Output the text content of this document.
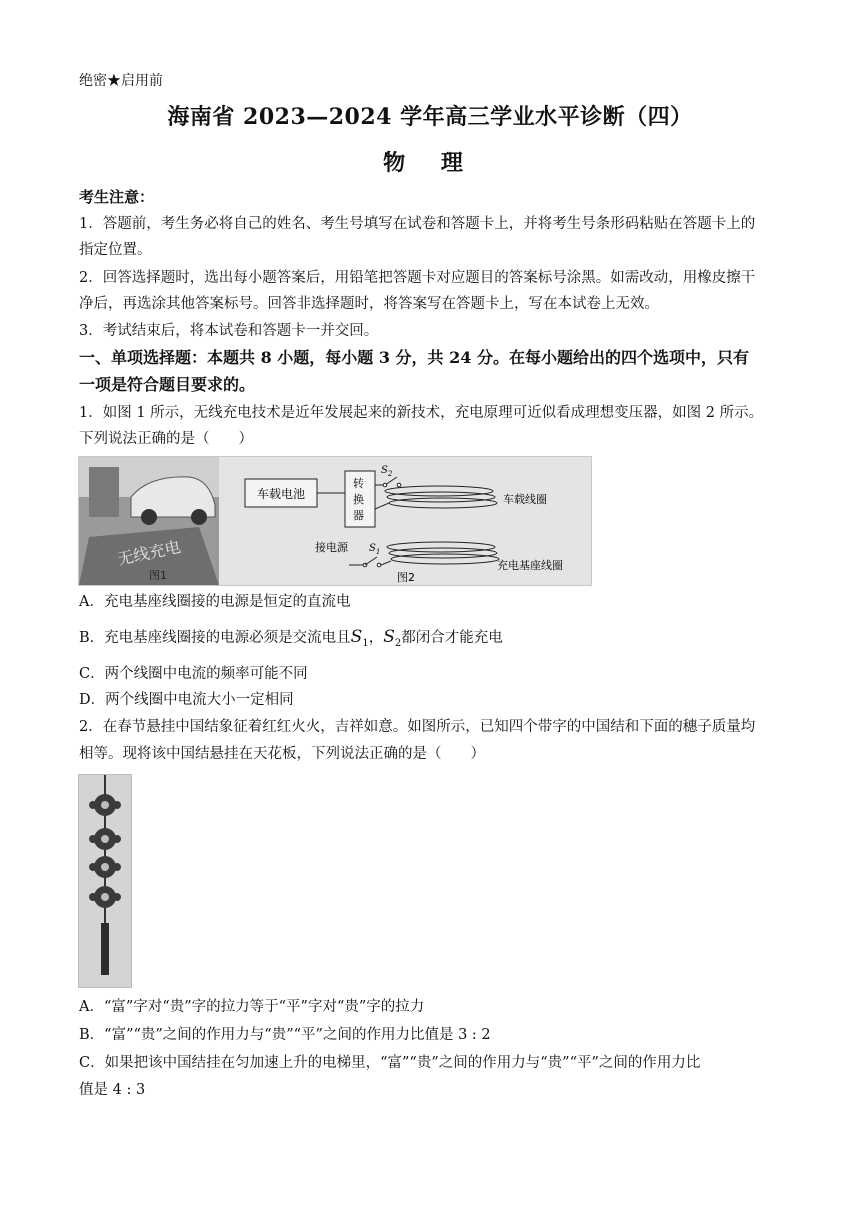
绝密★启用前
海南省 2023—2024 学年高三学业水平诊断（四）
物 理
考生注意：
1．答题前，考生务必将自己的姓名、考生号填写在试卷和答题卡上，并将考生号条形码粘贴在答题卡上的
指定位置。
2．回答选择题时，选出每小题答案后，用铅笔把答题卡对应题目的答案标号涂黑。如需改动，用橡皮擦干
净后，再选涂其他答案标号。回答非选择题时，将答案写在答题卡上，写在本试卷上无效。
3．考试结束后，将本试卷和答题卡一并交回。
一、单项选择题：本题共 8 小题，每小题 3 分，共 24 分。在每小题给出的四个选项中，只有
一项是符合题目要求的。
1．如图 1 所示，无线充电技术是近年发展起来的新技术，充电原理可近似看成理想变压器，如图 2 所示。
下列说法正确的是（　　）
无线充电
图1
车载电池
转
换
器
$S_2$
车载线圈
接电源
充电基座线圈
$S_1$
图2
A．充电基座线圈接的电源是恒定的直流电
B．充电基座线圈接的电源必须是交流电且$S_1$，$S_2$都闭合才能充电
C．两个线圈中电流的频率可能不同
D．两个线圈中电流大小一定相同
2．在春节悬挂中国结象征着红红火火，吉祥如意。如图所示，已知四个带字的中国结和下面的穗子质量均
相等。现将该中国结悬挂在天花板，下列说法正确的是（　　）
A．“富”字对“贵”字的拉力等于“平”字对“贵”字的拉力
B．“富”“贵”之间的作用力与“贵”“平”之间的作用力比值是 3 : 2
C．如果把该中国结挂在匀加速上升的电梯里，“富”“贵”之间的作用力与“贵”“平”之间的作用力比
值是 4 : 3
